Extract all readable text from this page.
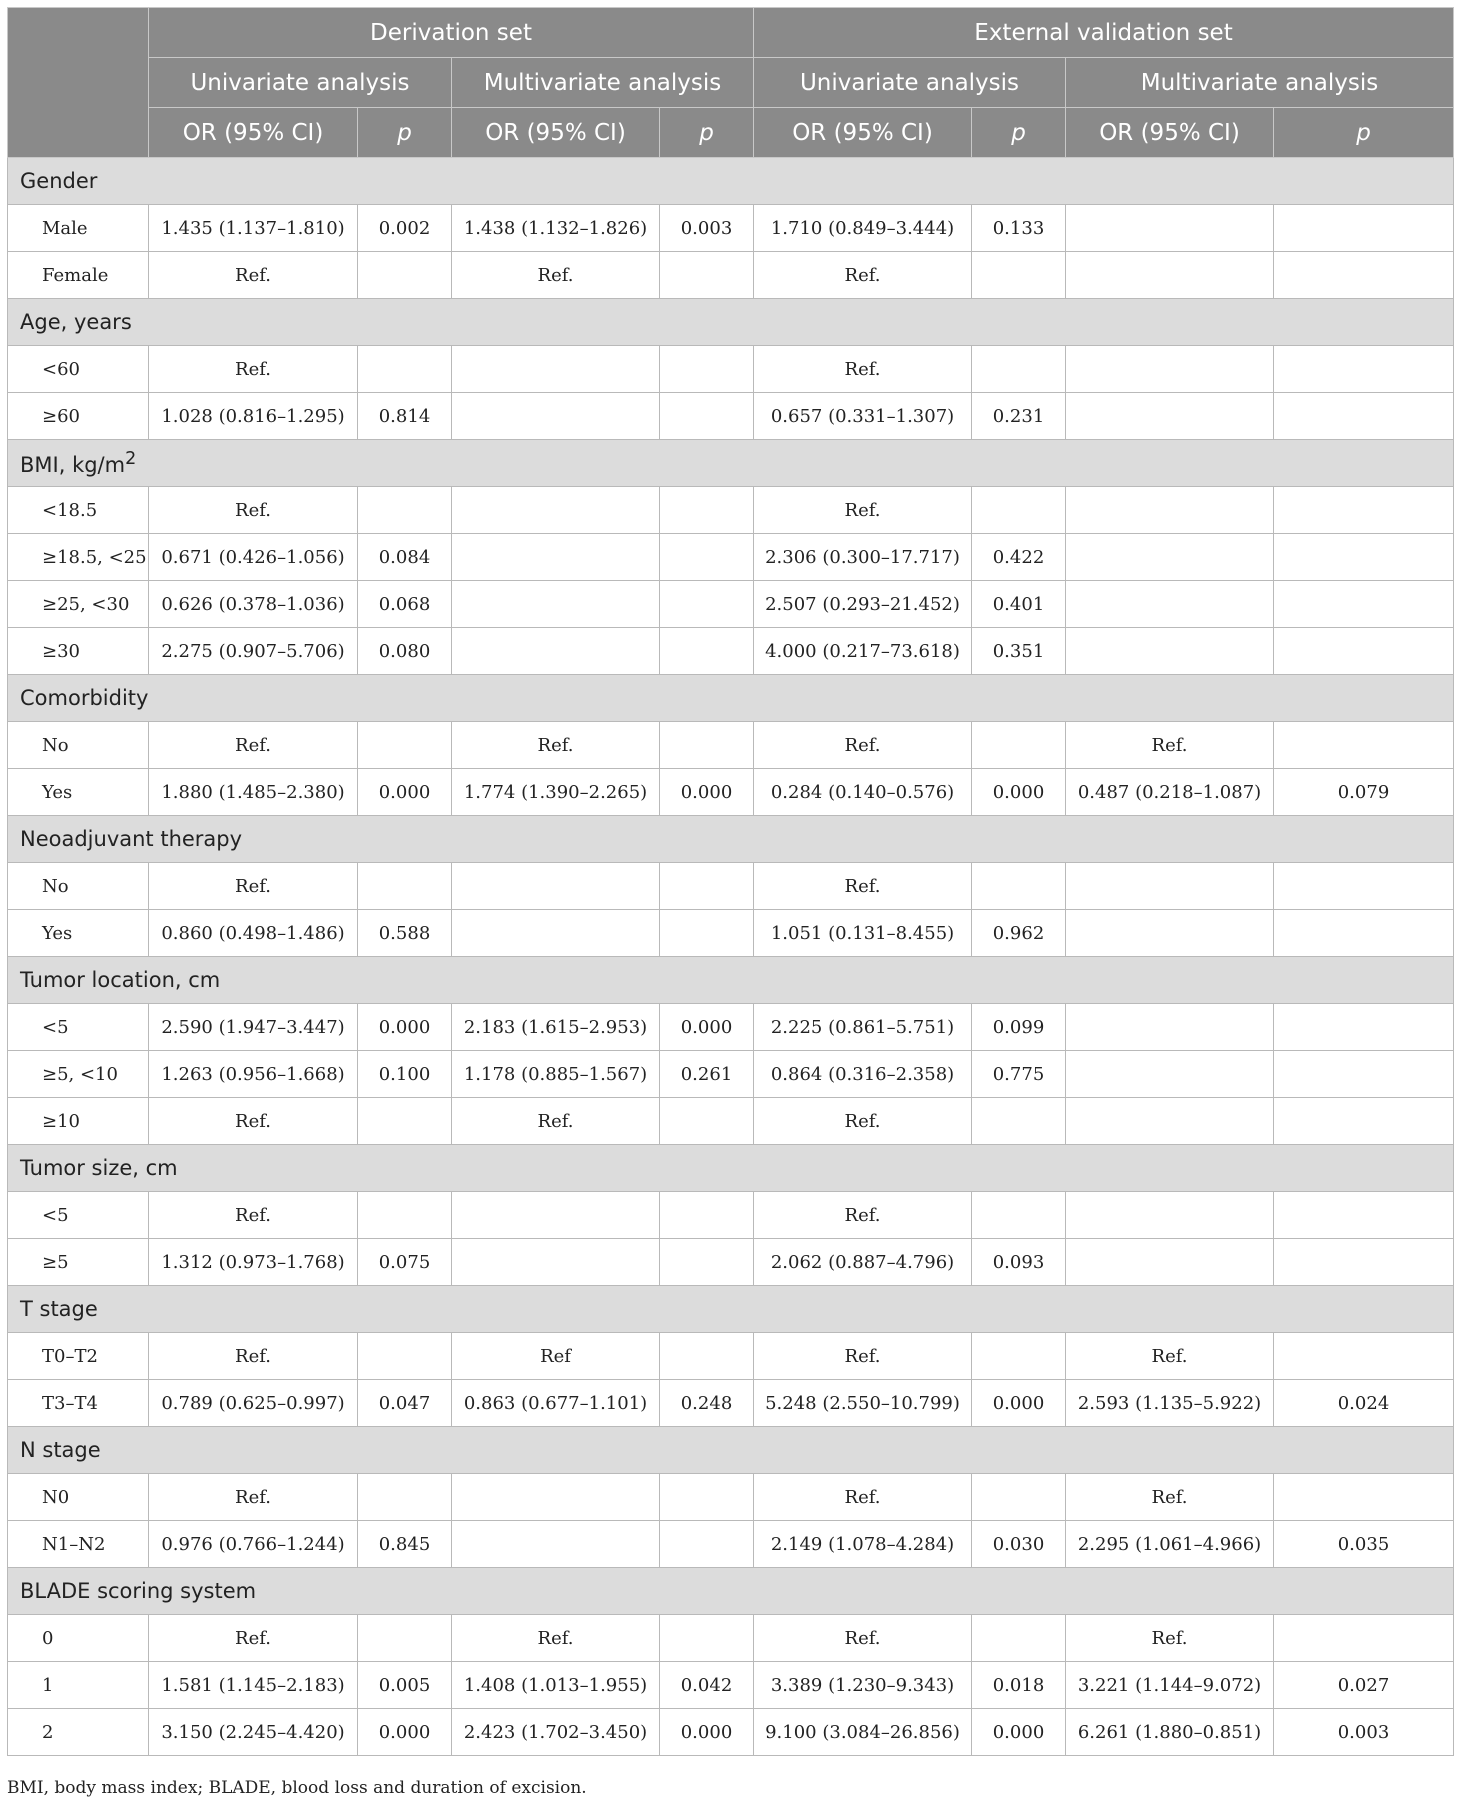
	Derivation set				External validation set			
	Univariate analysis		Multivariate analysis		Univariate analysis		Multivariate analysis	
	OR (95% CI)	p	OR (95% CI)	p	OR (95% CI)	p	OR (95% CI)	p
Gender								
Male	1.435 (1.137–1.810)	0.002	1.438 (1.132–1.826)	0.003	1.710 (0.849–3.444)	0.133		
Female	Ref.		Ref.		Ref.			
Age, years								
<60	Ref.				Ref.			
≥60	1.028 (0.816–1.295)	0.814			0.657 (0.331–1.307)	0.231		
BMI, $kg/m^2$
<18.5	Ref.				Ref.			
≥18.5, <25	0.671 (0.426–1.056)	0.084			2.306 (0.300–17.717)	0.422		
≥25, <30	0.626 (0.378–1.036)	0.068			2.507 (0.293–21.452)	0.401		
≥30	2.275 (0.907–5.706)	0.080			4.000 (0.217–73.618)	0.351		
Comorbidity								
No	Ref.		Ref.		Ref.		Ref.	
Yes	1.880 (1.485–2.380)	0.000	1.774 (1.390–2.265)	0.000	0.284 (0.140–0.576)	0.000	0.487 (0.218–1.087)	0.079
Neoadjuvant therapy								
No	Ref.				Ref.			
Yes	0.860 (0.498–1.486)	0.588			1.051 (0.131–8.455)	0.962		
Tumor location, cm								
<5	2.590 (1.947–3.447)	0.000	2.183 (1.615–2.953)	0.000	2.225 (0.861–5.751)	0.099		
≥5, <10	1.263 (0.956–1.668)	0.100	1.178 (0.885–1.567)	0.261	0.864 (0.316–2.358)	0.775		
≥10	Ref.		Ref.		Ref.			
Tumor size, cm								
<5	Ref.				Ref.			
≥5	1.312 (0.973–1.768)	0.075			2.062 (0.887–4.796)	0.093		
T stage								
T0–T2	Ref.		Ref		Ref.		Ref.	
T3–T4	0.789 (0.625–0.997)	0.047	0.863 (0.677–1.101)	0.248	5.248 (2.550–10.799)	0.000	2.593 (1.135–5.922)	0.024
N stage								
N0	Ref.				Ref.		Ref.	
N1–N2	0.976 (0.766–1.244)	0.845			2.149 (1.078–4.284)	0.030	2.295 (1.061–4.966)	0.035
BLADE scoring system								
0	Ref.		Ref.		Ref.		Ref.	
1	1.581 (1.145–2.183)	0.005	1.408 (1.013–1.955)	0.042	3.389 (1.230–9.343)	0.018	3.221 (1.144–9.072)	0.027
2	3.150 (2.245–4.420)	0.000	2.423 (1.702–3.450)	0.000	9.100 (3.084–26.856)	0.000	6.261 (1.880–0.851)	0.003
BMI, body mass index; BLADE, blood loss and duration of excision.
